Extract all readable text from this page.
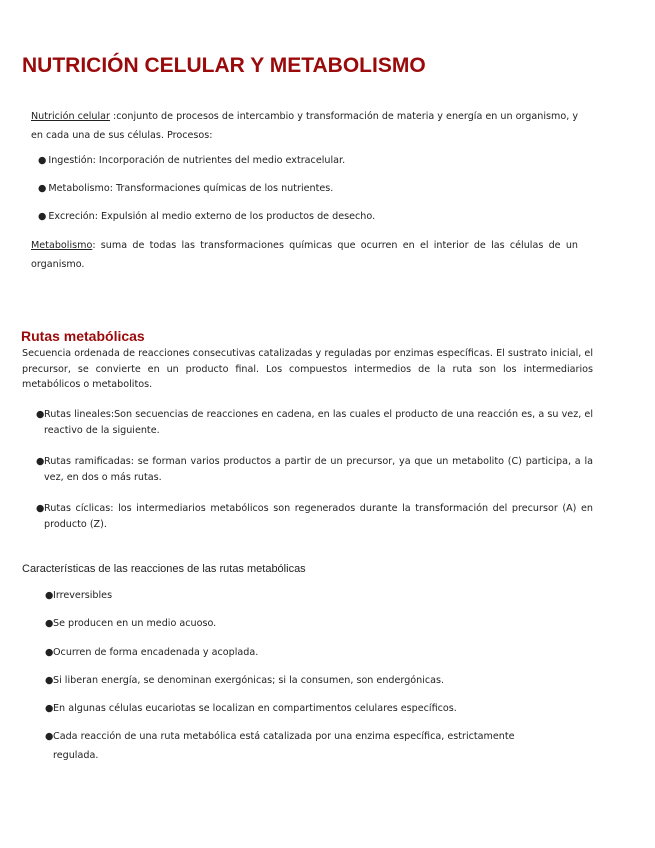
NUTRICIÓN CELULAR Y METABOLISMO

Nutrición celular :conjunto de procesos de intercambio y transformación de materia y energía en un organismo, y en cada una de sus células. Procesos:

● Ingestión: Incorporación de nutrientes del medio extracelular.

● Metabolismo: Transformaciones químicas de los nutrientes.

● Excreción: Expulsión al medio externo de los productos de desecho.

Metabolismo: suma de todas las transformaciones químicas que ocurren en el interior de las células de un organismo.

Rutas metabólicas

Secuencia ordenada de reacciones consecutivas catalizadas y reguladas por enzimas específicas. El sustrato inicial, el precursor, se convierte en un producto final. Los compuestos intermedios de la ruta son los intermediarios metabólicos o metabolitos.

● Rutas lineales:Son secuencias de reacciones en cadena, en las cuales el producto de una reacción es, a su vez, el reactivo de la siguiente.

● Rutas ramificadas: se forman varios productos a partir de un precursor, ya que un metabolito (C) participa, a la vez, en dos o más rutas.

● Rutas cíclicas: los intermediarios metabólicos son regenerados durante la transformación del precursor (A) en producto (Z).

Características de las reacciones de las rutas metabólicas

● Irreversibles

● Se producen en un medio acuoso.

● Ocurren de forma encadenada y acoplada.

● Si liberan energía, se denominan exergónicas; si la consumen, son endergónicas.

● En algunas células eucariotas se localizan en compartimentos celulares específicos.

● Cada reacción de una ruta metabólica está catalizada por una enzima específica, estrictamente regulada.
